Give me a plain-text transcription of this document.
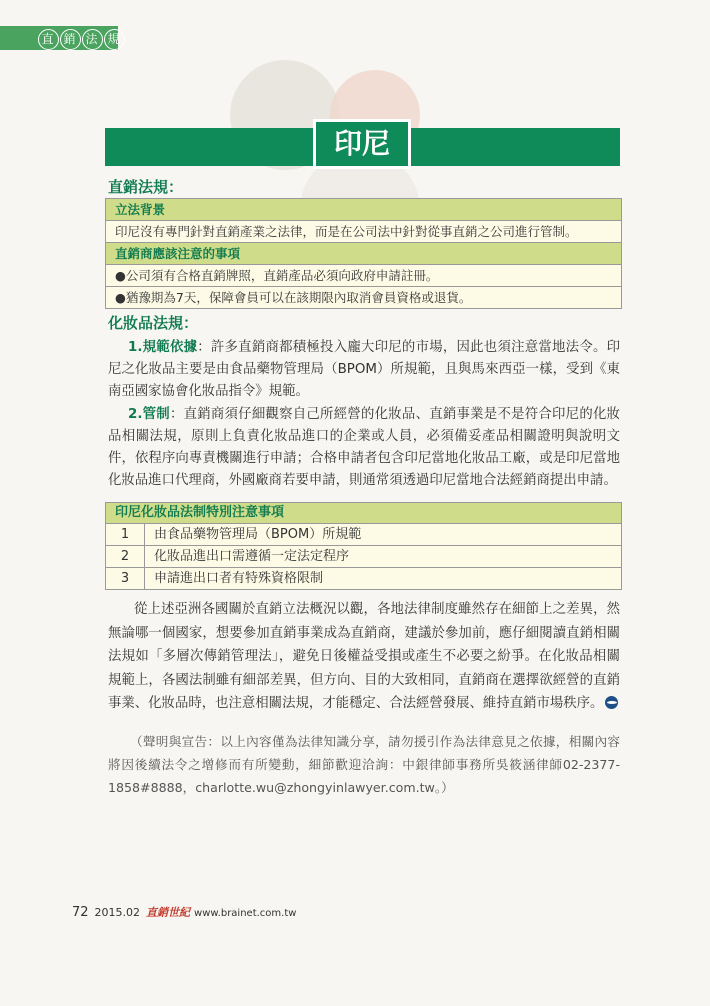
直 銷 法 規
印尼
直銷法規：
立法背景
印尼沒有專門針對直銷產業之法律，而是在公司法中針對從事直銷之公司進行管制。
直銷商應該注意的事項
●公司須有合格直銷牌照，直銷產品必須向政府申請註冊。
●猶豫期為7天，保障會員可以在該期限內取消會員資格或退貨。
化妝品法規：
1.規範依據：許多直銷商都積極投入龐大印尼的市場，因此也須注意當地法令。印尼之化妝品主要是由食品藥物管理局（BPOM）所規範，且與馬來西亞一樣，受到《東南亞國家協會化妝品指令》規範。
2.管制：直銷商須仔細觀察自己所經營的化妝品、直銷事業是不是符合印尼的化妝品相關法規，原則上負責化妝品進口的企業或人員，必須備妥產品相關證明與說明文件，依程序向專責機關進行申請；合格申請者包含印尼當地化妝品工廠，或是印尼當地化妝品進口代理商，外國廠商若要申請，則通常須透過印尼當地合法經銷商提出申請。
印尼化妝品法制特別注意事項
1	由食品藥物管理局（BPOM）所規範
2	化妝品進出口需遵循一定法定程序
3	申請進出口者有特殊資格限制
從上述亞洲各國關於直銷立法概況以觀，各地法律制度雖然存在細節上之差異，然無論哪一個國家，想要參加直銷事業成為直銷商，建議於參加前，應仔細閱讀直銷相關法規如「多層次傳銷管理法」，避免日後權益受損或產生不必要之紛爭。在化妝品相關規範上，各國法制雖有細部差異，但方向、目的大致相同，直銷商在選擇欲經營的直銷事業、化妝品時，也注意相關法規，才能穩定、合法經營發展、維持直銷市場秩序。
（聲明與宣告：以上內容僅為法律知識分享，請勿援引作為法律意見之依據，相關內容將因後續法令之增修而有所變動，細節歡迎洽詢：中銀律師事務所吳筱涵律師02-2377-1858#8888，charlotte.wu@zhongyinlawyer.com.tw。）
72 2015.02 直銷世紀 www.brainet.com.tw
